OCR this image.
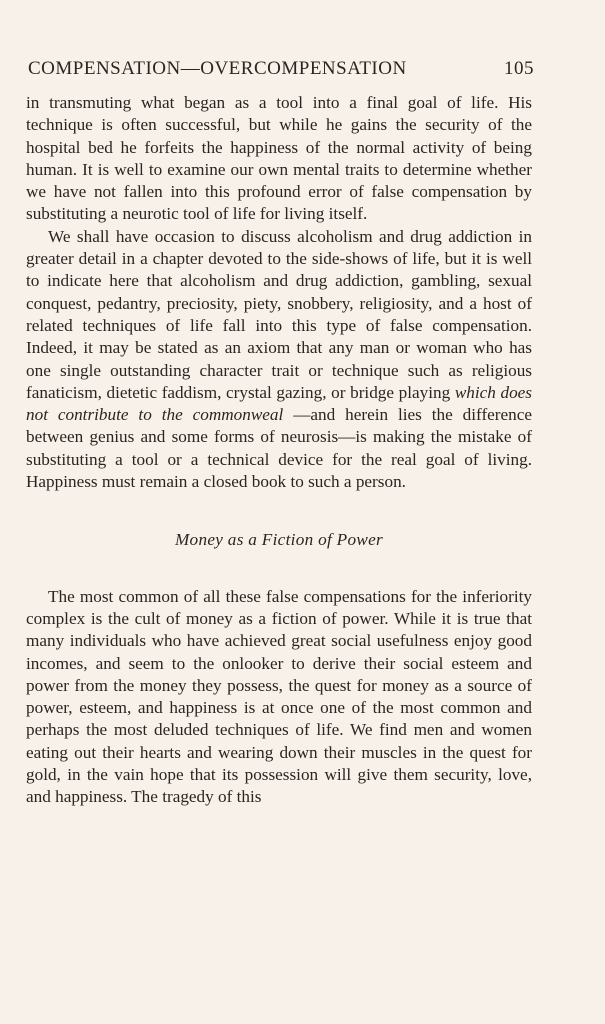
COMPENSATION—OVERCOMPENSATION	105

in transmuting what began as a tool into a final goal of life. His technique is often successful, but while he gains the security of the hospital bed he forfeits the happiness of the normal activity of being human. It is well to examine our own mental traits to determine whether we have not fallen into this profound error of false compensation by substituting a neurotic tool of life for living itself.

We shall have occasion to discuss alcoholism and drug addiction in greater detail in a chapter devoted to the side-shows of life, but it is well to indicate here that alcoholism and drug addiction, gambling, sexual conquest, pedantry, preciosity, piety, snobbery, religiosity, and a host of related techniques of life fall into this type of false compensation. Indeed, it may be stated as an axiom that any man or woman who has one single outstanding character trait or technique such as religious fanaticism, dietetic faddism, crystal gazing, or bridge playing which does not contribute to the commonweal —and herein lies the difference between genius and some forms of neurosis—is making the mistake of substituting a tool or a technical device for the real goal of living. Happiness must remain a closed book to such a person.

Money as a Fiction of Power

The most common of all these false compensations for the inferiority complex is the cult of money as a fiction of power. While it is true that many individuals who have achieved great social usefulness enjoy good incomes, and seem to the onlooker to derive their social esteem and power from the money they possess, the quest for money as a source of power, esteem, and happiness is at once one of the most common and perhaps the most deluded techniques of life. We find men and women eating out their hearts and wearing down their muscles in the quest for gold, in the vain hope that its possession will give them security, love, and happiness. The tragedy of this
